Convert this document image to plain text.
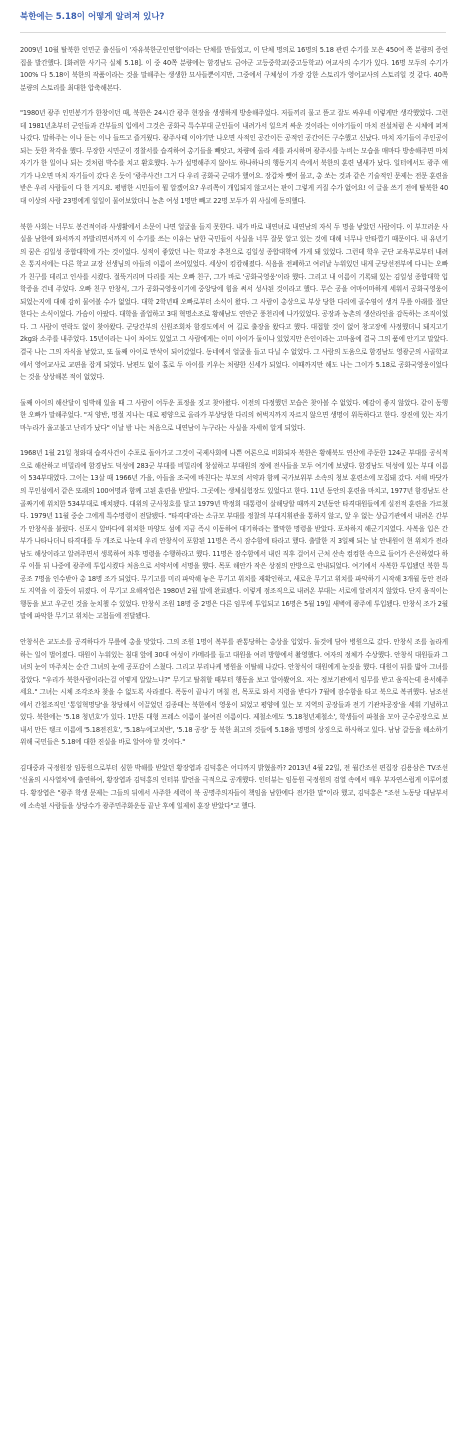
북한에는 5.18이 어떻게 알려져 있나?

2009년 10월 탈북한 인민군 출신들이 '자유북한군인연합'이라는 단체를 만들었고, 이 단체 명의로 16명의 5.18 관련 수기를 모은 450여 쪽 분량의 증언집을 발간했다. [화려한 사기극 실체 5.18]. 이 중 40쪽 분량에는 함경남도 금야군 고등중학교(중고등학교) 여교사의 수기가 있다. 16명 모두의 수기가 100% 다 5.18이 북한의 작품이라는 것을 말해주는 생생한 묘사들뿐이지만, 그중에서 구체성이 가장 강한 스토리가 영어교사의 스토리일 것 같다. 40쪽 분량의 스토리를 최대한 압축해본다.

"1980년 광주 인민봉기가 한창이던 때, 북한은 24시간 광주 현장을 생생하게 방송해주었다. 저들끼리 물고 뜯고 잘도 싸우네 이렇게만 생각했었다. 그런데 1981년초부터 군인들과 간부들의 입에서 그것은 공화국 특수부대 군인들이 내려가서 일으켜 싸운 것이라는 이야기들이 마치 전설처럼 은 시체에 퍼져나갔다. 말하주는 이나 듣는 이나 들뜨고 즐거웠다. 광주사태 이야기만 나오면 사적인 공간이든 공적인 공간이든 구수했고 신났다. 마치 자기들이 주인공이 되는 듯한 착각을 했다. 무장한 시민군이 경찰서를 습격하여 총기들을 빼앗고, 차량에 올라 세를 과시하며 광주시를 누비는 모습을 매마다 방송해주면 마치 자기가 한 일이나 되는 것처럼 박수를 치고 환호했다. 누가 설명해주지 않아도 하나하나의 행동거지 속에서 북한의 훈련 냄새가 났다. 일터에서도 광주 얘기가 나오면 마치 자기들이 갔다 온 듯이 '광주사건! 그거 다 우리 공화국 군대가 했어요. 장갑차 뺏어 몰고, 총 쏘는 것과 같은 기술적인 문제는 전문 훈련을 받은 우리 사람들이 다 한 거지요. 평범한 시민들이 뭘 알겠어요? 우리쪽이 개입되지 않고서는 판이 그렇게 커질 수가 없어요! 이 글을 쓰기 전에 탈북한 40대 이상의 사람 23명에게 일일이 물어보았더니 농촌 여성 1명만 빼고 22명 모두가 위 사실에 동의했다.

북한 사회는 너무도 봉건적이라 사생활에서 소문이 나면 얼굴을 들지 못한다. 내가 바로 내연녀로 내연남의 자식 두 명을 낳았던 사람이다. 이 부끄러운 사실을 남한에 와서까지 까발리면서까지 이 수기를 쓰는 이유는 남한 국민들이 사실을 너무 잘못 알고 있는 것에 대해 너무나 안타깝기 때문이다. 내 유년기의 꿈은 김일성 종합대학에 가는 것이었다. 성적이 좋았던 나는 학교장 추천으로 김일성 종합대학에 가게 돼 있었다. 그런데 학우 군단 교육부로부터 내려온 통지서에는 다른 학교 교장 선생님의 아들의 이름이 쓰여있었다. 세상이 킴캄해졌다. 식음을 전폐하고 여러날 누워있던 내게 군당선전부에 다니는 오빠가 친구를 데리고 인사를 시켰다. 절뚝거리며 다리를 저는 오빠 친구, 그가 바로 '공화국영웅'이라 했다. 그리고 내 이름이 기록돼 있는 김일성 종합대학 입학증을 건네 주었다. 오빠 친구 안창식, 그가 공화국영웅이기에 중앙당에 힘을 써서 성사된 것이라고 했다. 무슨 공을 어마어마하게 세워서 공화국영웅이 되었는지에 대해 감히 물어볼 수가 없었다. 대학 2학년때 오빠로부터 소식이 왔다. 그 사람이 총상으로 부상 당한 다리에 골수염이 생겨 무릎 아래를 절단한다는 소식이었다. 가슴이 아팠다. 대학을 졸업하고 3대 혁명소조로 황해남도 연안군 풍천리에 나가있었다. 공장과 농촌의 생산라인을 감독하는 조직이었다. 그 사람이 연락도 없이 찾아왔다. 군당간부의 신원조회차 함경도에서 여 길로 출장을 왔다고 했다. 대접할 것이 없어 창고장에 사정했더니 돼지고기 2kg와 소주를 내주었다. 15년이라는 나이 차이도 있었고 그 사람에게는 이미 아이가 둘이나 있었지만 은인이라는 고마움에 결국 그의 품에 안기고 말았다. 결국 나는 그의 자식을 낳았고, 또 둘째 아이로 만삭이 되어갔었다. 동네에서 얼굴을 들고 다닐 수 없었다. 그 사람의 도움으로 함경남도 영광군의 시골학교에서 영어교사로 교편을 잡게 되었다. 남편도 없이 홀로 두 아이를 키우는 처량한 신세가 되었다. 이때까지만 해도 나는 그이가 5.18로 공화국영웅이었다는 것을 상상해본 적이 없었다.

둘째 아이의 해산달이 임박해 있을 때 그 사람이 어두운 표정을 짓고 찾아왔다. 이전의 다정했던 모습은 찾아볼 수 없었다. 예감이 좋지 않았다. 같이 동행한 오빠가 말해주었다. "저 양반, 명절 지나는 대로 평양으로 올라가 부상당한 다리의 허벅지까지 자르지 않으면 생명이 위독하다고 한다. 장진에 있는 자기 마누라가 울고불고 난리가 났다" 이날 밤 나는 처음으로 내연남이 누구라는 사실을 자세히 알게 되었다.

1968년 1월 21일 청와대 습격사건이 수포로 돌아가고 그것이 국제사회에 나쁜 여론으로 비화되자 북한은 황해북도 연산에 주둔한 124군 부대를 공식적으로 해산하고 비밀리에 함경남도 덕성에 283군 부대를 비밀리에 창설하고 부대원의 정예 전사들을 모두 여기에 보냈다. 함경남도 덕성에 있는 부대 이름이 534부대였다. 그이는 13살 때 1966년 가을, 아들을 조국에 바친다는 부모의 서약과 함께 국가보위부 소속의 청보 훈련소에 모집돼 갔다. 서해 바닷가의 무인섬에서 같은 또래의 100여명과 함께 고된 훈련을 받았다. 그곳에는 생체실험장도 있었다고 한다. 11년 동안의 훈련을 마치고, 1977년 함경남도 산골짜기에 위치한 534부대로 배치됐다. 대위의 군사칭호를 달고 1979년 박정희 대통령이 살해당할 때까지 2년동안 타격대원들에게 실전적 훈련을 가르쳤다. 1979년 11월 중순 그에게 특수명령이 전달됐다. "타격대'라는 소규모 부대를 정찰의 부대지휘관을 통하지 않고, 앞 우 없는 상급기관에서 내려온 간부가 안창식을 불렀다. 신포시 앞바다에 위치한 마양도 섬에 지금 즉시 이동하여 대기하라는 짤막한 명령을 받았다. 포차하지 해군기지였다. 사복을 입은 간부가 나타나더니 타격대를 두 개조로 나눈데 우리 안창식이 포함된 11명은 즉시 잠수함에 타라고 했다. 출발한 지 3일째 되는 날 안내원이 현 위치가 전라남도 해상이라고 알려주면서 생록하여 차후 명령을 수행하라고 했다. 11명은 잠수함에서 내린 직후 걸어서 근처 산속 컴컴한 속으로 들어가 은신하였다 하루 이틀 뒤 나중에 광주에 투입시켰다 처음으로 서약서에 서명을 했다. 목포 해안가 작은 상점의 안방으로 안내되었다. 여기에서 사복한 투입됐던 북한 특공조 7명을 인수받아 총 18명 조가 되었다. 무기고를 미리 파악해 놓은 무기고 위치를 재확인하고, 새로운 무기고 위치를 파악하기 시작해 3개월 동안 전라도 지역을 이 잡듯이 뒤졌다. 이 무기고 요해작업은 1980년 2월 말에 완료됐다. 이렇게 점조직으로 내려온 부대는 서로에 알려지지 않았다. 단지 움직이는 행동을 보고 우군인 것을 눈치챌 수 있었다. 안창식 조원 18명 중 2명은 다른 임무에 투입되고 16명은 5월 19일 새벽에 광주에 투입됐다. 안창식 조가 2월 말에 파악한 무기고 위치는 고첩들에 전달됐다.

안창식은 교도소를 공격하다가 무릎에 총을 맞았다. 그의 조원 1명이 복부를 관통당하는 총상을 입었다. 둘것에 담아 병원으로 갔다. 안창식 조를 놀라게 하는 일이 벌어졌다. 대원이 누워있는 침대 앞에 30대 여성이 카메라를 들고 대원을 여러 방향에서 촬영했다. 여자의 정체가 수상했다. 안창식 대원들과 그녀의 눈이 마주치는 순간 그녀의 눈에 공포감이 스쳤다. 그리고 부리나케 병원을 이탈해 나갔다. 안창식이 대원에게 눈짓을 했다. 대원이 뒤를 밟아 그녀를 잡았다. "우리가 북한사람이라는걸 어떻게 알았느냐?" 무기고 탈취할 때부터 행동을 보고 알아봤어요. 저는 정보기관에서 임무를 받고 움직는데 용서해주세요." 그녀는 시체 조각조차 찾을 수 없도록 사라졌다. 폭동이 끝나기 며칠 전, 목포로 와서 지령을 받다가 7월에 잠수함을 타고 북으로 복귀했다. 남조선에서 간첩조직인 '통일혁명당'을 창당해서 이끌었던 김종태는 북한에서 영웅이 되었고 평양에 있는 모 지역의 공장들과 전기 기관차공장'을 세워 기념하고 있다. 북한에는 '5.18 청년호'가 있다. 1만톤 대형 프레스 이름이 붙여진 이름이다. 제철소에도 '5.18청년제철소', 학생들이 파철을 모아 군수공장으로 보내서 만든 탱크 이름에 '5.18전진호', '5.18누에고치반', '5.18 공장' 등 북한 최고의 것들에 5.18을 명명의 상징으로 하사하고 있다. 남남 갈등을 해소하기 위해 국민들은 5.18에 대한 진실을 바로 알아야 할 것이다."

김대중과 국정원장 임동원으로부터 심한 박해를 받았던 황장엽과 김덕홍은 어디까지 밝혔을까? 2013년 4월 22일, 전 월간조선 편집장 김용삼은 TV조선 '신율의 시사열차'에 출연하여, 황장엽과 김덕홍의 인터뷰 발언을 극적으로 공개했다. 인터뷰는 임동원 국정원의 검열 속에서 매우 부자연스럽게 이루어졌다. 황장엽은 "광주 학생 문제는 그들의 뒤에서 사주한 세력이 북 공명주의자들이 책임을 남한에다 전가한 말"이라 했고, 김덕홍은 "조선 노동당 대남부서에 소속된 사람들을 상당수가 광주민주화운동 끝난 후에 일제히 훈장 받았다"고 했다.
